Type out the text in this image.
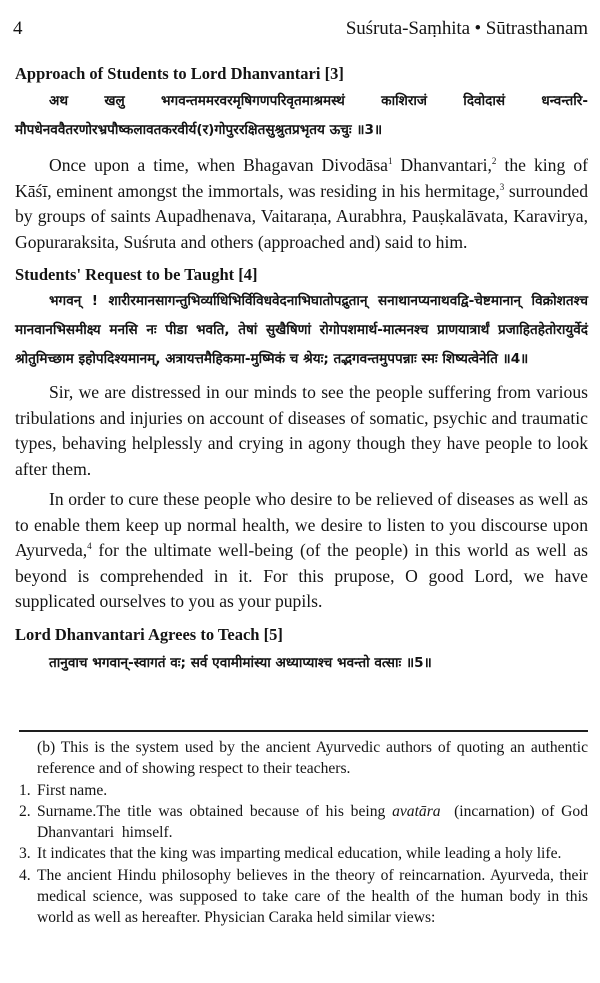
4	Suśruta-Saṃhita • Sūtrasthanam
Approach of Students to Lord Dhanvantari [3]

अथ खलु भगवन्तममरवरमृषिगणपरिवृतमाश्रमस्थं काशिराजं दिवोदासं धन्वन्तरि-मौपधेनववैतरणोरभ्रपौष्कलावतकरवीर्य(र)गोपुररक्षितसुश्रुतप्रभृतय ऊचुः ॥3॥

Once upon a time, when Bhagavan Divodāsa$^1$ Dhanvantari,$^2$ the king of Kāśī, eminent amongst the immortals, was residing in his hermitage,$^3$ surrounded by groups of saints Aupadhenava, Vaitaraṇa, Aurabhra, Pauṣkalāvata, Karavirya, Gopuraraksita, Suśruta and others (approached and) said to him.

Students' Request to be Taught [4]

भगवन् ! शारीरमानसागन्तुभिर्व्याधिभिर्विविधवेदनाभिघातोपद्रुतान् सनाथानप्यनाथवद्वि-चेष्टमानान् विक्रोशतश्च मानवानभिसमीक्ष्य मनसि नः पीडा भवति, तेषां सुखैषिणां रोगोपशमार्थ-मात्मनश्च प्राणयात्रार्थं प्रजाहितहेतोरायुर्वेदं श्रोतुमिच्छाम इहोपदिश्यमानम्, अत्रायत्तमैहिकमा-मुष्मिकं च श्रेयः; तद्भगवन्तमुपपन्नाः स्मः शिष्यत्वेनेति ॥4॥

Sir, we are distressed in our minds to see the people suffering from various tribulations and injuries on account of diseases of somatic, psychic and traumatic types, behaving helplessly and crying in agony though they have people to look after them.

In order to cure these people who desire to be relieved of diseases as well as to enable them keep up normal health, we desire to listen to you discourse upon Ayurveda,$^4$ for the ultimate well-being (of the people) in this world as well as beyond is comprehended in it. For this prupose, O good Lord, we have supplicated ourselves to you as your pupils.

Lord Dhanvantari Agrees to Teach [5]

तानुवाच भगवान्-स्वागतं वः; सर्व एवामीमांस्या अध्याप्याश्च भवन्तो वत्साः ॥5॥

(b) This is the system used by the ancient Ayurvedic authors of quoting an authentic reference and of showing respect to their teachers.

1. First name.
2. Surname.The title was obtained because of his being avatāra  (incarnation) of God  Dhanvantari  himself.
3. It indicates that the king was imparting medical education, while leading a holy life.
4. The ancient Hindu philosophy believes in the theory of reincarnation. Ayurveda, their medical science, was supposed to take care of the health of the human body in this world as well as hereafter. Physician Caraka held similar views:
